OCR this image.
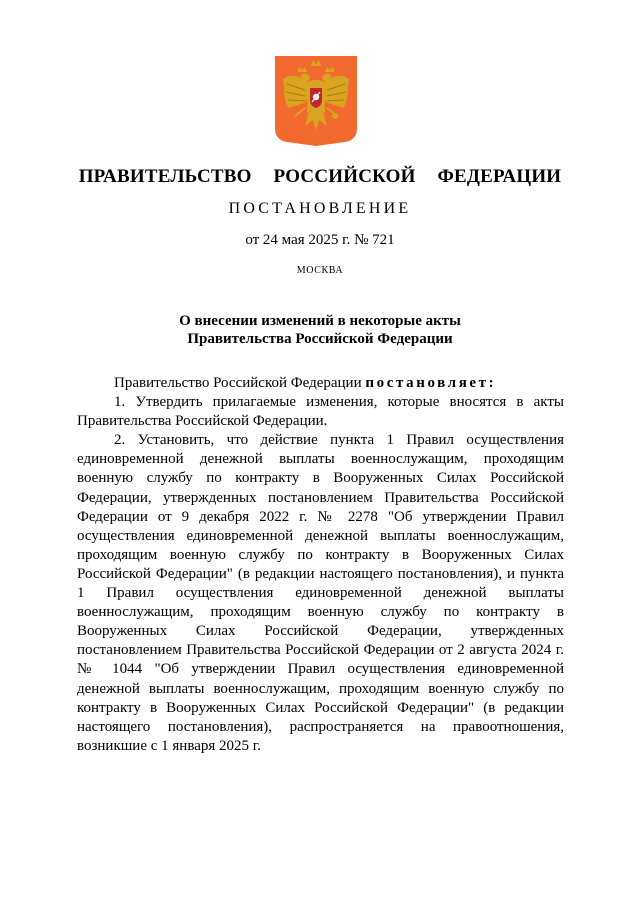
ПРАВИТЕЛЬСТВО  РОССИЙСКОЙ  ФЕДЕРАЦИИ
ПОСТАНОВЛЕНИЕ
от 24 мая 2025 г. № 721
МОСКВА
О внесении изменений в некоторые акты
Правительства Российской Федерации

Правительство Российской Федерации постановляет:

1. Утвердить прилагаемые изменения, которые вносятся в акты Правительства Российской Федерации.

2. Установить, что действие пункта 1 Правил осуществления единовременной денежной выплаты военнослужащим, проходящим военную службу по контракту в Вооруженных Силах Российской Федерации, утвержденных постановлением Правительства Российской Федерации от 9 декабря 2022 г. № 2278 "Об утверждении Правил осуществления единовременной денежной выплаты военнослужащим, проходящим военную службу по контракту в Вооруженных Силах Российской Федерации" (в редакции настоящего постановления), и пункта 1 Правил осуществления единовременной денежной выплаты военнослужащим, проходящим военную службу по контракту в Вооруженных Силах Российской Федерации, утвержденных постановлением Правительства Российской Федерации от 2 августа 2024 г. № 1044 "Об утверждении Правил осуществления единовременной денежной выплаты военнослужащим, проходящим военную службу по контракту в Вооруженных Силах Российской Федерации" (в редакции настоящего постановления), распространяется на правоотношения, возникшие с 1 января 2025 г.
